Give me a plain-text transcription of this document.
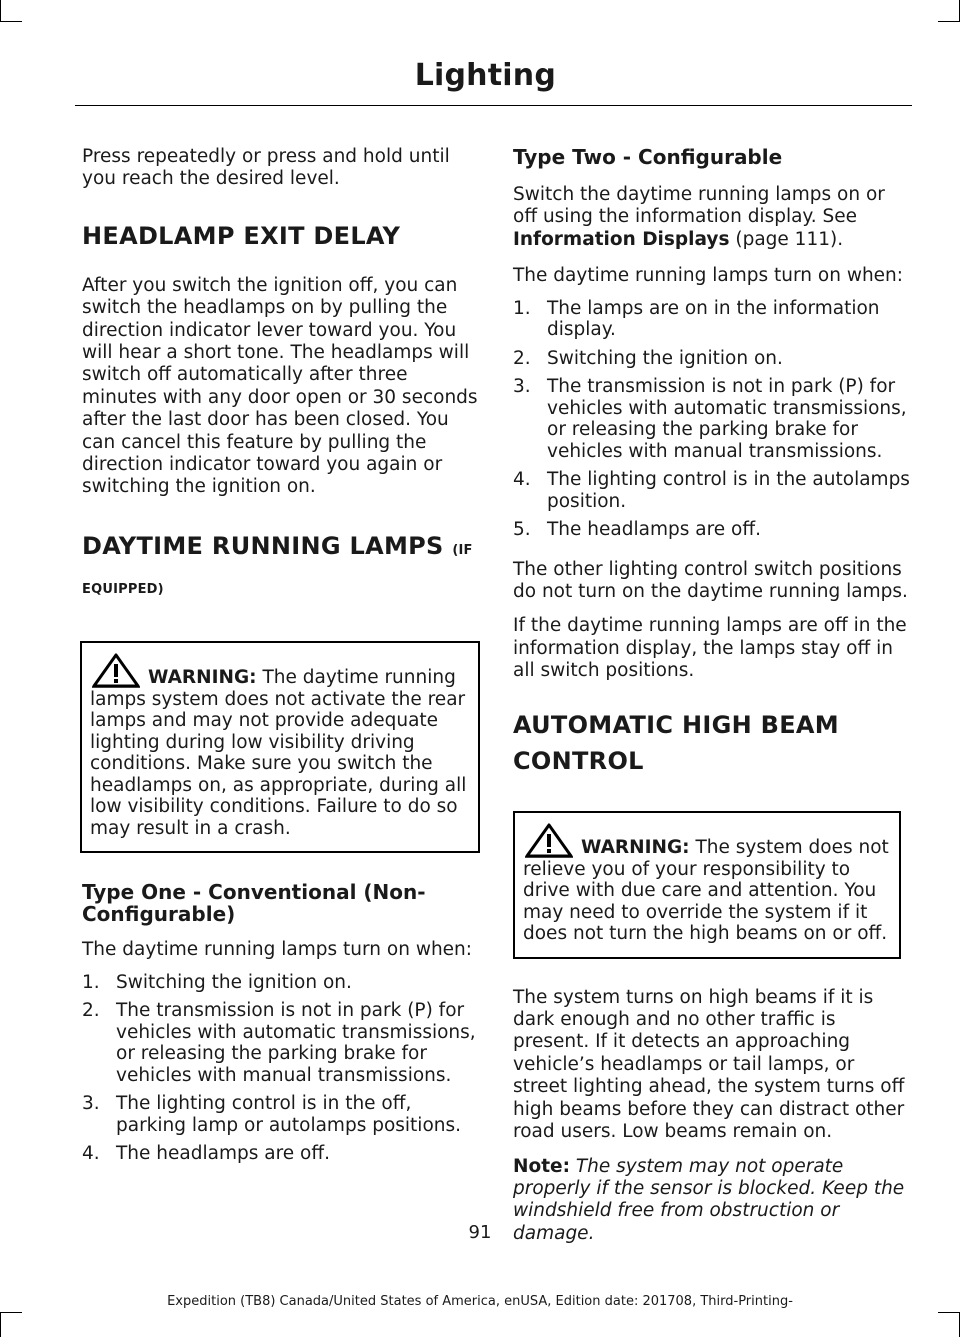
Lighting

Press repeatedly or press and hold until you reach the desired level.

HEADLAMP EXIT DELAY

After you switch the ignition off, you can switch the headlamps on by pulling the direction indicator lever toward you. You will hear a short tone. The headlamps will switch off automatically after three minutes with any door open or 30 seconds after the last door has been closed. You can cancel this feature by pulling the direction indicator toward you again or switching the ignition on.

DAYTIME RUNNING LAMPS (IF EQUIPPED)

WARNING: The daytime running lamps system does not activate the rear lamps and may not provide adequate lighting during low visibility driving conditions. Make sure you switch the headlamps on, as appropriate, during all low visibility conditions. Failure to do so may result in a crash.

Type One - Conventional (Non-Configurable)

The daytime running lamps turn on when:

1. Switching the ignition on.
2. The transmission is not in park (P) for vehicles with automatic transmissions, or releasing the parking brake for vehicles with manual transmissions.
3. The lighting control is in the off, parking lamp or autolamps positions.
4. The headlamps are off.
Type Two - Configurable

Switch the daytime running lamps on or off using the information display. See Information Displays (page 111).

The daytime running lamps turn on when:

1. The lamps are on in the information display.
2. Switching the ignition on.
3. The transmission is not in park (P) for vehicles with automatic transmissions, or releasing the parking brake for vehicles with manual transmissions.
4. The lighting control is in the autolamps position.
5. The headlamps are off.

The other lighting control switch positions do not turn on the daytime running lamps.

If the daytime running lamps are off in the information display, the lamps stay off in all switch positions.

AUTOMATIC HIGH BEAM
CONTROL

WARNING: The system does not relieve you of your responsibility to drive with due care and attention. You may need to override the system if it does not turn the high beams on or off.

The system turns on high beams if it is dark enough and no other traffic is present. If it detects an approaching vehicle’s headlamps or tail lamps, or street lighting ahead, the system turns off high beams before they can distract other road users. Low beams remain on.

Note: The system may not operate properly if the sensor is blocked. Keep the windshield free from obstruction or damage.

91
Expedition (TB8) Canada/United States of America, enUSA, Edition date: 201708, Third-Printing-
